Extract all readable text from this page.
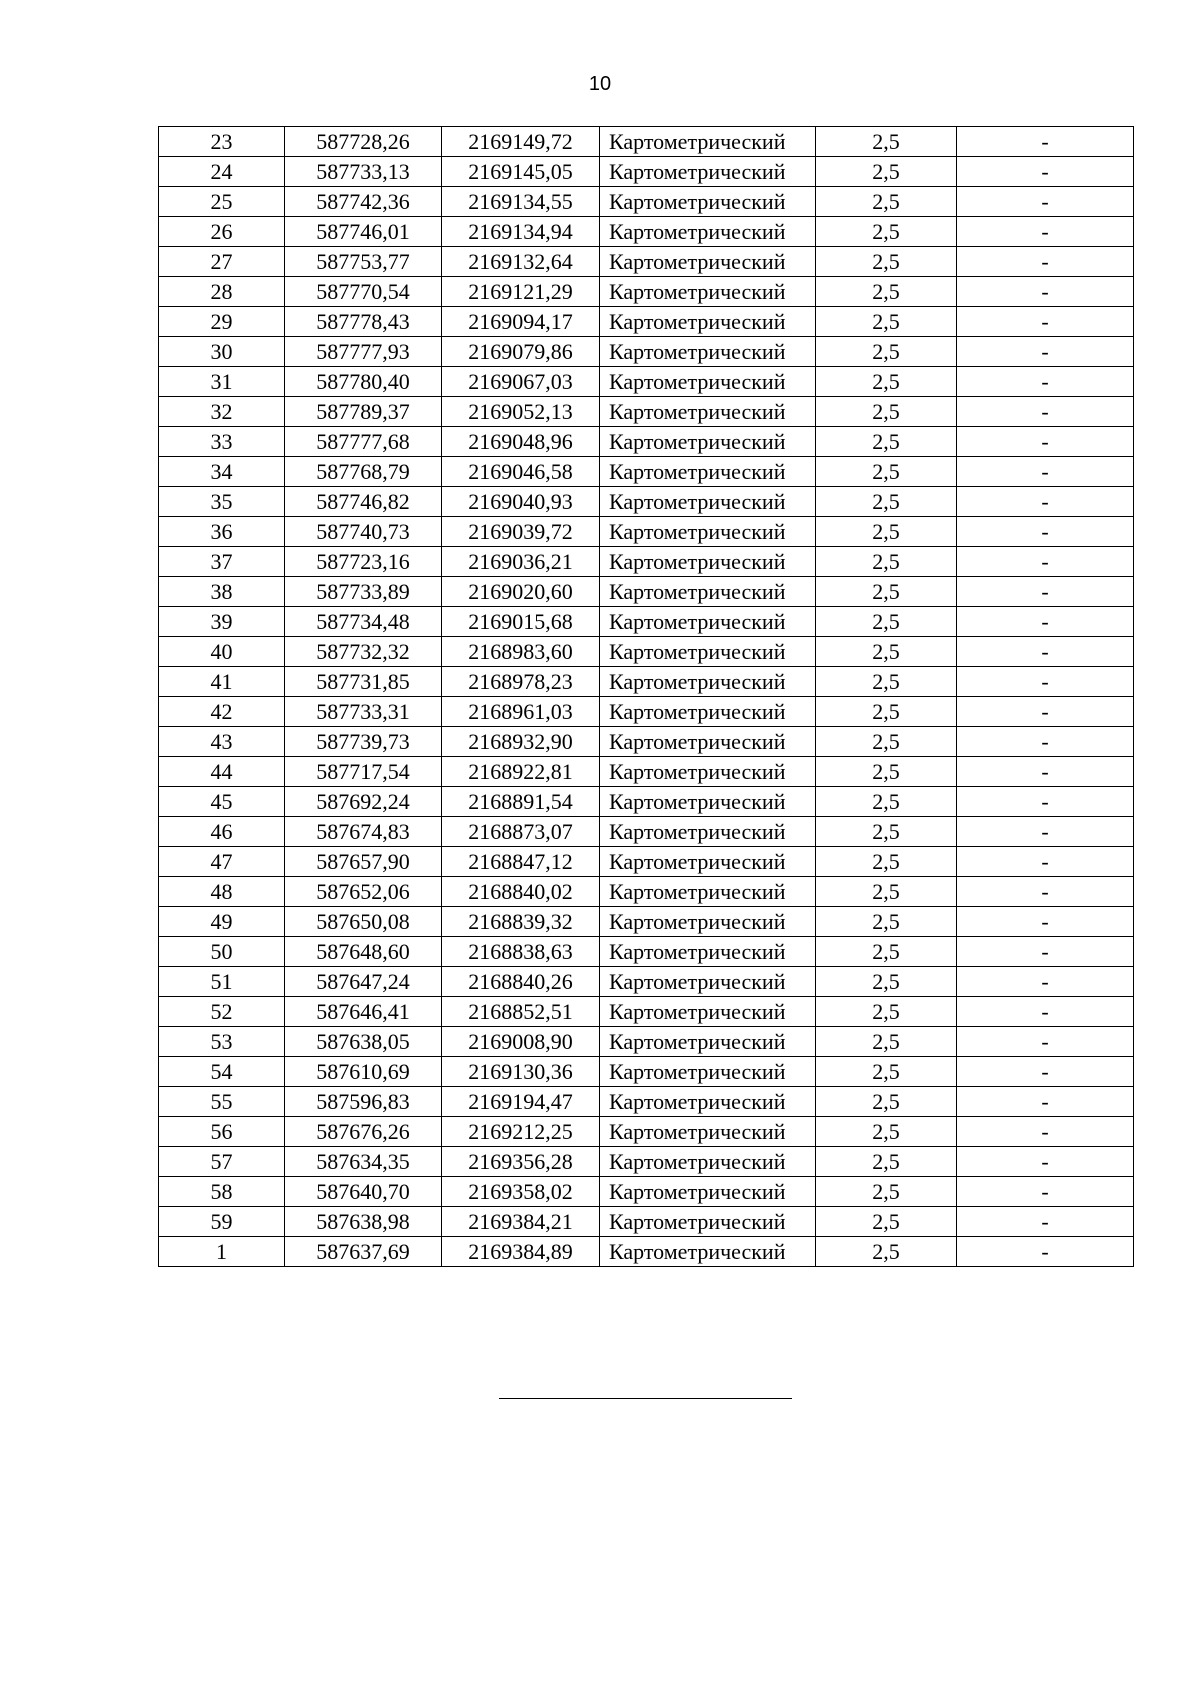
10
23	587728,26	2169149,72	Картометрический	2,5	-
24	587733,13	2169145,05	Картометрический	2,5	-
25	587742,36	2169134,55	Картометрический	2,5	-
26	587746,01	2169134,94	Картометрический	2,5	-
27	587753,77	2169132,64	Картометрический	2,5	-
28	587770,54	2169121,29	Картометрический	2,5	-
29	587778,43	2169094,17	Картометрический	2,5	-
30	587777,93	2169079,86	Картометрический	2,5	-
31	587780,40	2169067,03	Картометрический	2,5	-
32	587789,37	2169052,13	Картометрический	2,5	-
33	587777,68	2169048,96	Картометрический	2,5	-
34	587768,79	2169046,58	Картометрический	2,5	-
35	587746,82	2169040,93	Картометрический	2,5	-
36	587740,73	2169039,72	Картометрический	2,5	-
37	587723,16	2169036,21	Картометрический	2,5	-
38	587733,89	2169020,60	Картометрический	2,5	-
39	587734,48	2169015,68	Картометрический	2,5	-
40	587732,32	2168983,60	Картометрический	2,5	-
41	587731,85	2168978,23	Картометрический	2,5	-
42	587733,31	2168961,03	Картометрический	2,5	-
43	587739,73	2168932,90	Картометрический	2,5	-
44	587717,54	2168922,81	Картометрический	2,5	-
45	587692,24	2168891,54	Картометрический	2,5	-
46	587674,83	2168873,07	Картометрический	2,5	-
47	587657,90	2168847,12	Картометрический	2,5	-
48	587652,06	2168840,02	Картометрический	2,5	-
49	587650,08	2168839,32	Картометрический	2,5	-
50	587648,60	2168838,63	Картометрический	2,5	-
51	587647,24	2168840,26	Картометрический	2,5	-
52	587646,41	2168852,51	Картометрический	2,5	-
53	587638,05	2169008,90	Картометрический	2,5	-
54	587610,69	2169130,36	Картометрический	2,5	-
55	587596,83	2169194,47	Картометрический	2,5	-
56	587676,26	2169212,25	Картометрический	2,5	-
57	587634,35	2169356,28	Картометрический	2,5	-
58	587640,70	2169358,02	Картометрический	2,5	-
59	587638,98	2169384,21	Картометрический	2,5	-
1	587637,69	2169384,89	Картометрический	2,5	-
